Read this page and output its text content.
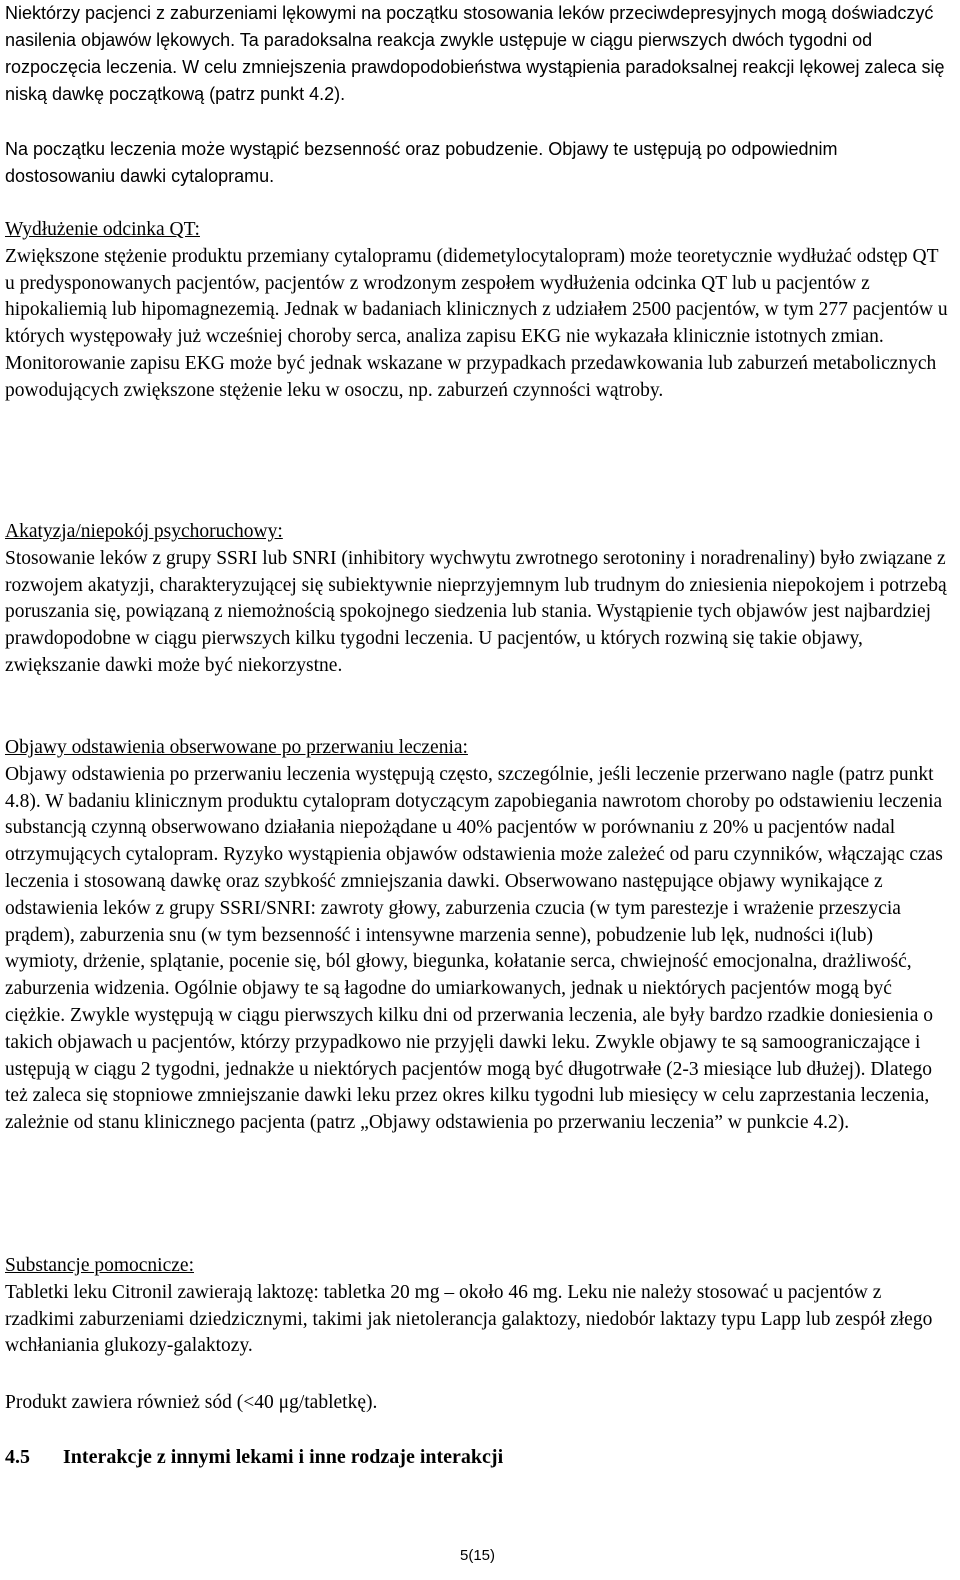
Niektórzy pacjenci z zaburzeniami lękowymi na początku stosowania leków przeciwdepresyjnych mogą doświadczyć nasilenia objawów lękowych. Ta paradoksalna reakcja zwykle ustępuje w ciągu pierwszych dwóch tygodni od rozpoczęcia leczenia. W celu zmniejszenia prawdopodobieństwa wystąpienia paradoksalnej reakcji lękowej zaleca się niską dawkę początkową (patrz punkt 4.2).

Na początku leczenia może wystąpić bezsenność oraz pobudzenie. Objawy te ustępują po odpowiednim dostosowaniu dawki cytalopramu.

Wydłużenie odcinka QT:
Zwiększone stężenie produktu przemiany cytalopramu (didemetylocytalopram) może teoretycznie wydłużać odstęp QT u predysponowanych pacjentów, pacjentów z wrodzonym zespołem wydłużenia odcinka QT lub u pacjentów z hipokaliemią lub hipomagnezemią. Jednak w badaniach klinicznych z udziałem 2500 pacjentów, w tym 277 pacjentów u których występowały już wcześniej choroby serca, analiza zapisu EKG nie wykazała klinicznie istotnych zmian.
Monitorowanie zapisu EKG może być jednak wskazane w przypadkach przedawkowania lub zaburzeń metabolicznych powodujących zwiększone stężenie leku w osoczu, np. zaburzeń czynności wątroby.
Akatyzja/niepokój psychoruchowy:
Stosowanie leków z grupy SSRI lub SNRI (inhibitory wychwytu zwrotnego serotoniny i noradrenaliny) było związane z rozwojem akatyzji, charakteryzującej się subiektywnie nieprzyjemnym lub trudnym do zniesienia niepokojem i potrzebą poruszania się, powiązaną z niemożnością spokojnego siedzenia lub stania. Wystąpienie tych objawów jest najbardziej prawdopodobne w ciągu pierwszych kilku tygodni leczenia. U pacjentów, u których rozwiną się takie objawy, zwiększanie dawki może być niekorzystne.
Objawy odstawienia obserwowane po przerwaniu leczenia:
Objawy odstawienia po przerwaniu leczenia występują często, szczególnie, jeśli leczenie przerwano nagle (patrz punkt 4.8). W badaniu klinicznym produktu cytalopram dotyczącym zapobiegania nawrotom choroby po odstawieniu leczenia substancją czynną obserwowano działania niepożądane u 40% pacjentów w porównaniu z 20% u pacjentów nadal otrzymujących cytalopram. Ryzyko wystąpienia objawów odstawienia może zależeć od paru czynników, włączając czas leczenia i stosowaną dawkę oraz szybkość zmniejszania dawki. Obserwowano następujące objawy wynikające z odstawienia leków z grupy SSRI/SNRI: zawroty głowy, zaburzenia czucia (w tym parestezje i wrażenie przeszycia prądem), zaburzenia snu (w tym bezsenność i intensywne marzenia senne), pobudzenie lub lęk, nudności i(lub) wymioty, drżenie, splątanie, pocenie się, ból głowy, biegunka, kołatanie serca, chwiejność emocjonalna, drażliwość, zaburzenia widzenia. Ogólnie objawy te są łagodne do umiarkowanych, jednak u niektórych pacjentów mogą być ciężkie. Zwykle występują w ciągu pierwszych kilku dni od przerwania leczenia, ale były bardzo rzadkie doniesienia o takich objawach u pacjentów, którzy przypadkowo nie przyjęli dawki leku. Zwykle objawy te są samoograniczające i ustępują w ciągu 2 tygodni, jednakże u niektórych pacjentów mogą być długotrwałe (2-3 miesiące lub dłużej). Dlatego też zaleca się stopniowe zmniejszanie dawki leku przez okres kilku tygodni lub miesięcy w celu zaprzestania leczenia, zależnie od stanu klinicznego pacjenta (patrz „Objawy odstawienia po przerwaniu leczenia” w punkcie 4.2).
Substancje pomocnicze:
Tabletki leku Citronil zawierają laktozę: tabletka 20 mg – około 46 mg. Leku nie należy stosować u pacjentów z rzadkimi zaburzeniami dziedzicznymi, takimi jak nietolerancja galaktozy, niedobór laktazy typu Lapp lub zespół złego wchłaniania glukozy-galaktozy.

Produkt zawiera również sód (<40 μg/tabletkę).

4.5 Interakcje z innymi lekami i inne rodzaje interakcji
5(15)
